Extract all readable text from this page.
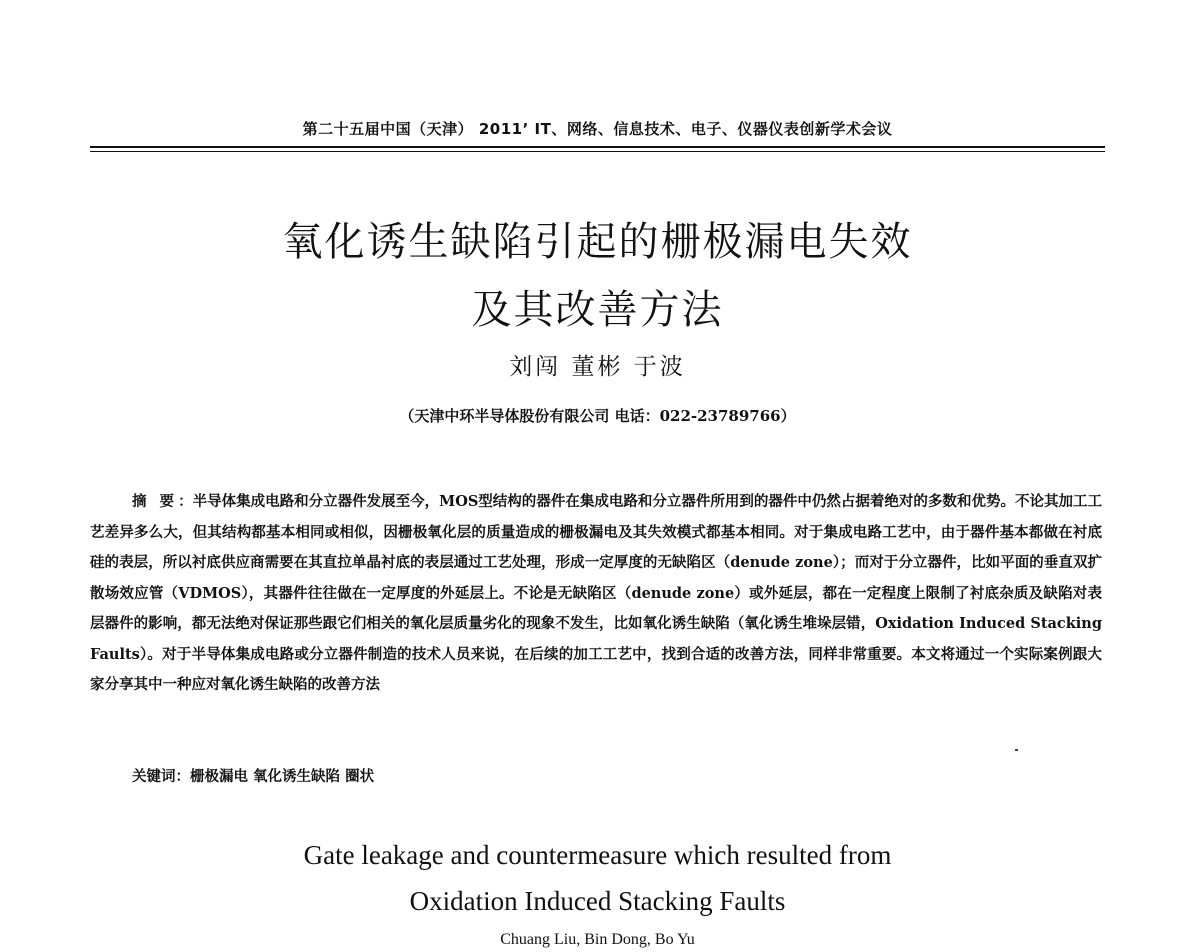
第二十五届中国（天津） 2011’ IT、网络、信息技术、电子、仪器仪表创新学术会议
氧化诱生缺陷引起的栅极漏电失效
及其改善方法
刘闯 董彬 于波
（天津中环半导体股份有限公司 电话：022-23789766）

摘 要：半导体集成电路和分立器件发展至今，MOS型结构的器件在集成电路和分立器件所用到的器件中仍然占据着绝对的多数和优势。不论其加工工艺差异多么大，但其结构都基本相同或相似，因栅极氧化层的质量造成的栅极漏电及其失效模式都基本相同。对于集成电路工艺中，由于器件基本都做在衬底硅的表层，所以衬底供应商需要在其直拉单晶衬底的表层通过工艺处理，形成一定厚度的无缺陷区（denude zone）；而对于分立器件，比如平面的垂直双扩散场效应管（VDMOS），其器件往往做在一定厚度的外延层上。不论是无缺陷区（denude zone）或外延层，都在一定程度上限制了衬底杂质及缺陷对表层器件的影响，都无法绝对保证那些跟它们相关的氧化层质量劣化的现象不发生，比如氧化诱生缺陷（氧化诱生堆垛层错，Oxidation Induced Stacking Faults）。对于半导体集成电路或分立器件制造的技术人员来说，在后续的加工工艺中，找到合适的改善方法，同样非常重要。本文将通过一个实际案例跟大家分享其中一种应对氧化诱生缺陷的改善方法

关键词：栅极漏电 氧化诱生缺陷 圈状
Gate leakage and countermeasure which resulted from
Oxidation Induced Stacking Faults
Chuang Liu, Bin Dong, Bo Yu
